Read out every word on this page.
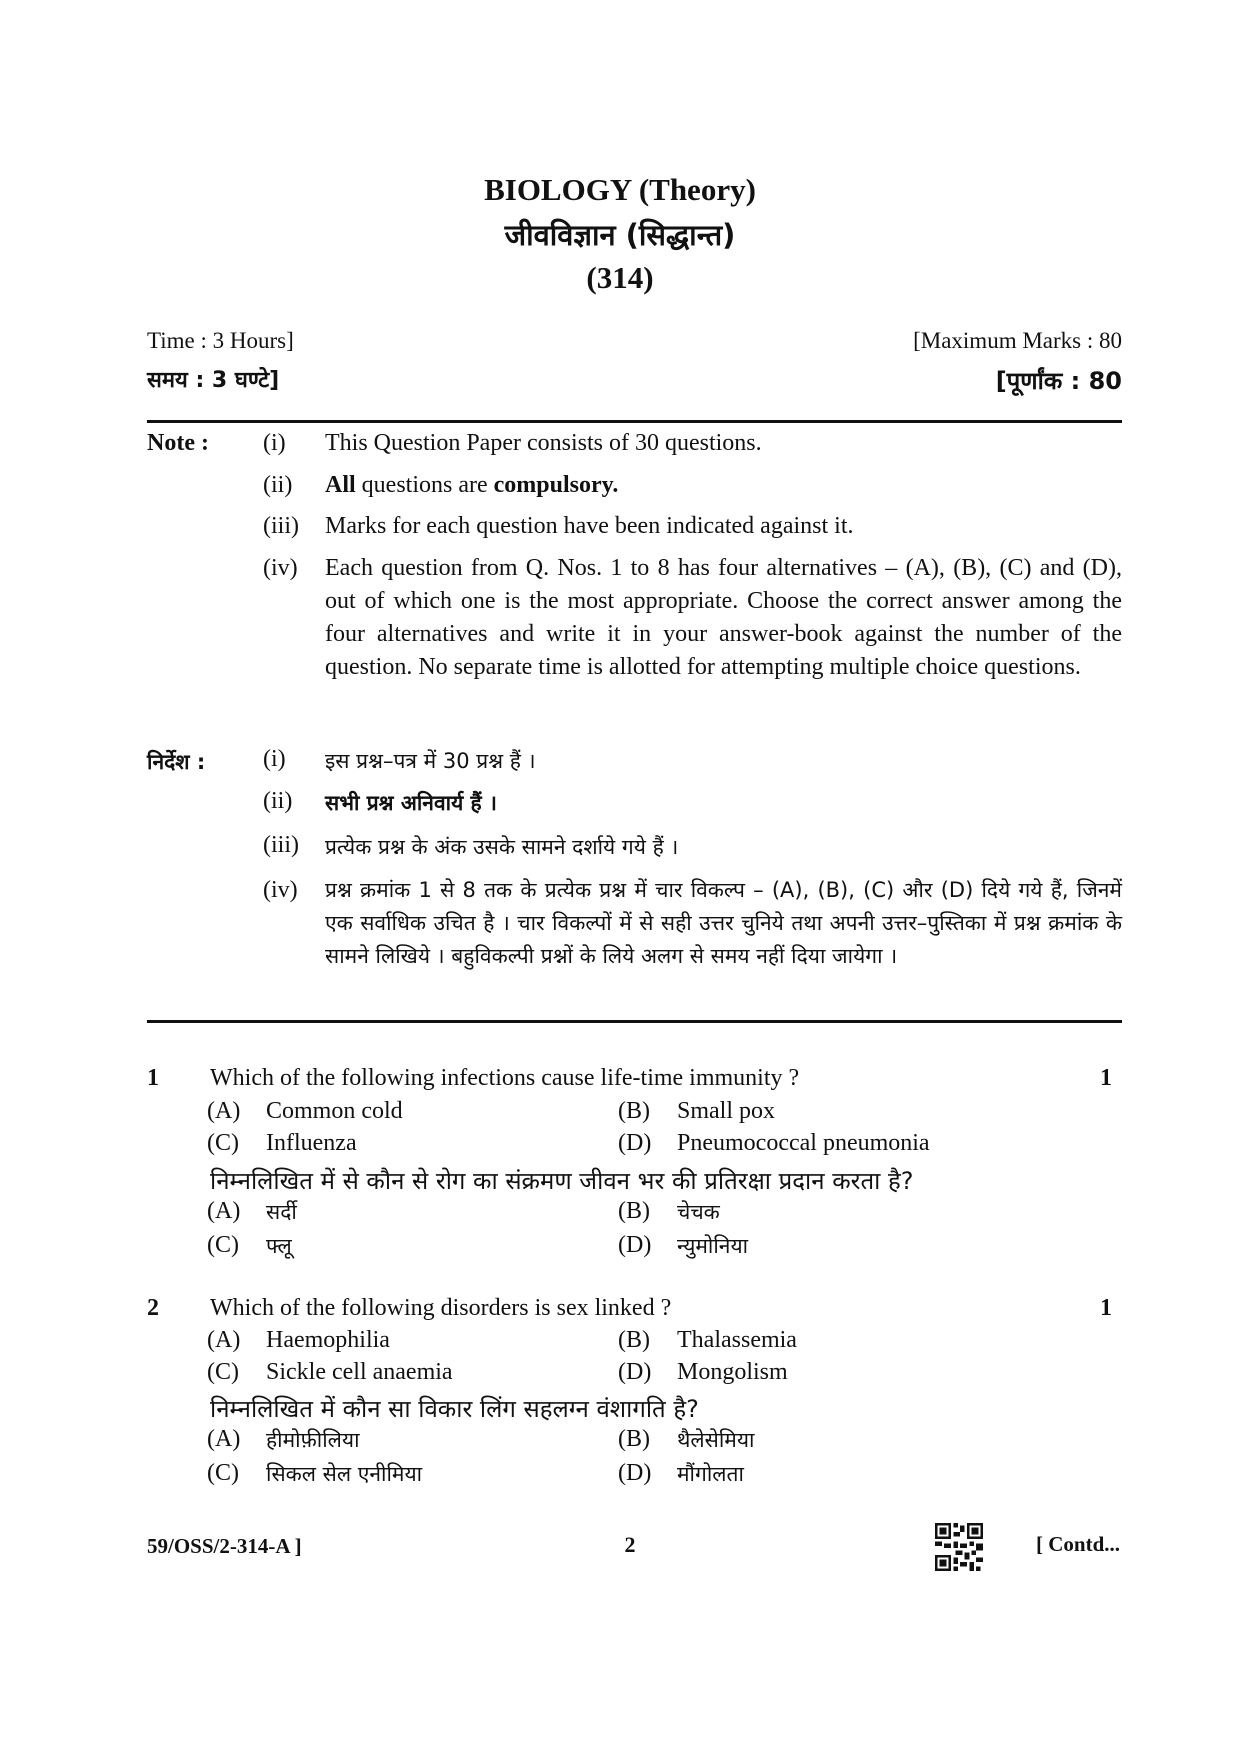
BIOLOGY (Theory)
जीवविज्ञान (सिद्धान्त)
(314)
Time : 3 Hours]	[Maximum Marks : 80
समय : 3 घण्टे]	[पूर्णांक : 80
Note : (i) This Question Paper consists of 30 questions.
(ii) All questions are compulsory.
(iii) Marks for each question have been indicated against it.
(iv) Each question from Q. Nos. 1 to 8 has four alternatives – (A), (B), (C) and (D), out of which one is the most appropriate. Choose the correct answer among the four alternatives and write it in your answer-book against the number of the question. No separate time is allotted for attempting multiple choice questions.
निर्देश : (i) इस प्रश्न–पत्र में 30 प्रश्न हैं ।
(ii) सभी प्रश्न अनिवार्य हैं ।
(iii) प्रत्येक प्रश्न के अंक उसके सामने दर्शाये गये हैं ।
(iv) प्रश्न क्रमांक 1 से 8 तक के प्रत्येक प्रश्न में चार विकल्प – (A), (B), (C) और (D) दिये गये हैं, जिनमें एक सर्वाधिक उचित है । चार विकल्पों में से सही उत्तर चुनिये तथा अपनी उत्तर–पुस्तिका में प्रश्न क्रमांक के सामने लिखिये । बहुविकल्पी प्रश्नों के लिये अलग से समय नहीं दिया जायेगा ।
1 Which of the following infections cause life-time immunity ?	1
(A) Common cold	(B) Small pox
(C) Influenza	(D) Pneumococcal pneumonia
निम्नलिखित में से कौन से रोग का संक्रमण जीवन भर की प्रतिरक्षा प्रदान करता है?
(A) सर्दी	(B) चेचक
(C) फ्लू	(D) न्युमोनिया
2 Which of the following disorders is sex linked ?	1
(A) Haemophilia	(B) Thalassemia
(C) Sickle cell anaemia	(D) Mongolism
निम्नलिखित में कौन सा विकार लिंग सहलग्न वंशागति है?
(A) हीमोफ़ीलिया	(B) थैलेसेमिया
(C) सिकल सेल एनीमिया	(D) मौंगोलता
59/OSS/2-314-A ]	2	[ Contd...
